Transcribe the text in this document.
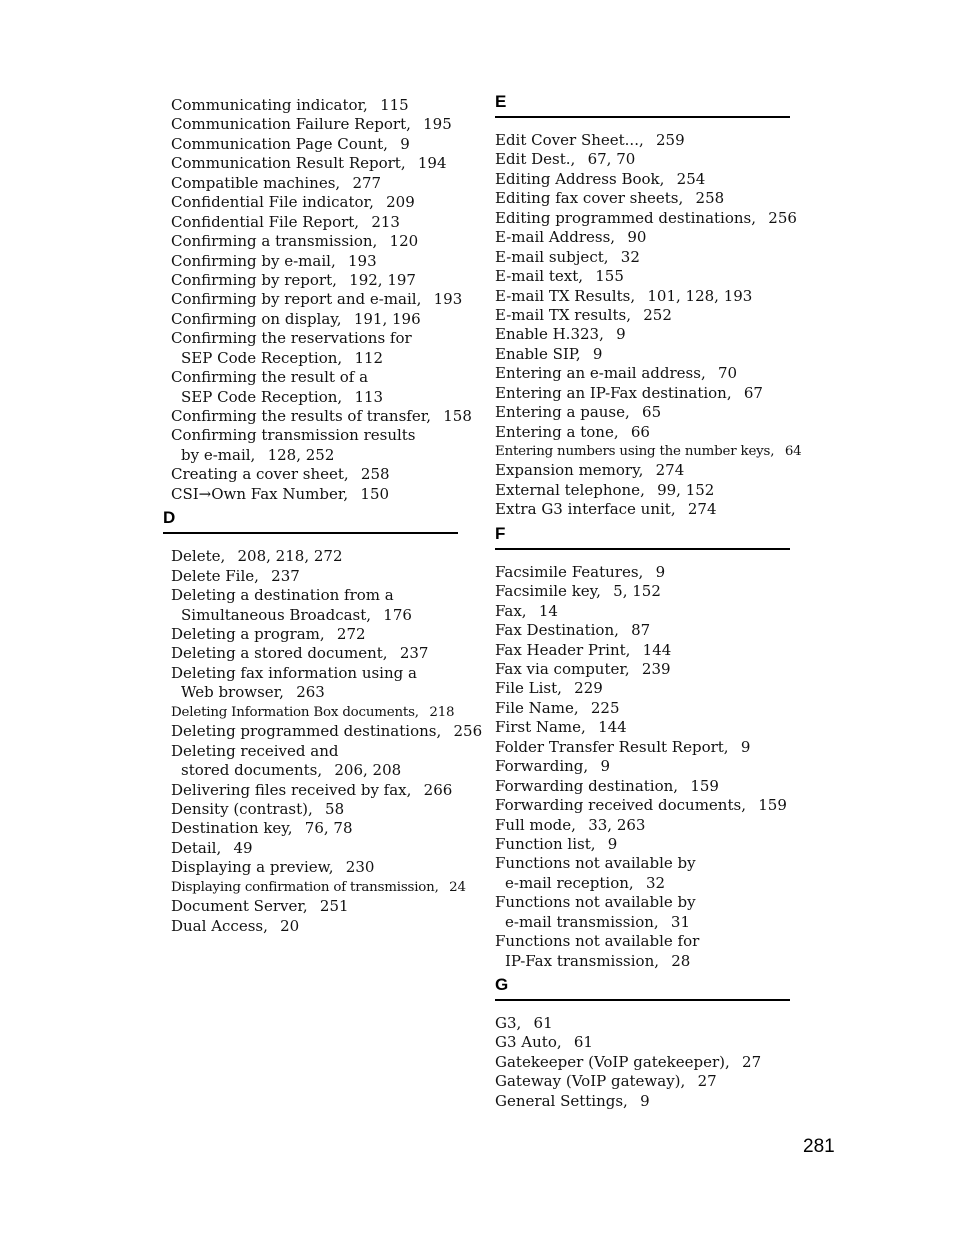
Communicating indicator,  115
Communication Failure Report,  195
Communication Page Count,  9
Communication Result Report,  194
Compatible machines,  277
Confidential File indicator,  209
Confidential File Report,  213
Confirming a transmission,  120
Confirming by e-mail,  193
Confirming by report,  192, 197
Confirming by report and e-mail,  193
Confirming on display,  191, 196
Confirming the reservations for
SEP Code Reception,  112
Confirming the result of a
SEP Code Reception,  113
Confirming the results of transfer,  158
Confirming transmission results
by e-mail,  128, 252
Creating a cover sheet,  258
CSI→Own Fax Number,  150
D
Delete,  208, 218, 272
Delete File,  237
Deleting a destination from a
Simultaneous Broadcast,  176
Deleting a program,  272
Deleting a stored document,  237
Deleting fax information using a
Web browser,  263
Deleting Information Box documents,  218
Deleting programmed destinations,  256
Deleting received and
stored documents,  206, 208
Delivering files received by fax,  266
Density (contrast),  58
Destination key,  76, 78
Detail,  49
Displaying a preview,  230
Displaying confirmation of transmission,  24
Document Server,  251
Dual Access,  20
E
Edit Cover Sheet...,  259
Edit Dest.,  67, 70
Editing Address Book,  254
Editing fax cover sheets,  258
Editing programmed destinations,  256
E-mail Address,  90
E-mail subject,  32
E-mail text,  155
E-mail TX Results,  101, 128, 193
E-mail TX results,  252
Enable H.323,  9
Enable SIP,  9
Entering an e-mail address,  70
Entering an IP-Fax destination,  67
Entering a pause,  65
Entering a tone,  66
Entering numbers using the number keys,  64
Expansion memory,  274
External telephone,  99, 152
Extra G3 interface unit,  274
F
Facsimile Features,  9
Facsimile key,  5, 152
Fax,  14
Fax Destination,  87
Fax Header Print,  144
Fax via computer,  239
File List,  229
File Name,  225
First Name,  144
Folder Transfer Result Report,  9
Forwarding,  9
Forwarding destination,  159
Forwarding received documents,  159
Full mode,  33, 263
Function list,  9
Functions not available by
e-mail reception,  32
Functions not available by
e-mail transmission,  31
Functions not available for
IP-Fax transmission,  28
G
G3,  61
G3 Auto,  61
Gatekeeper (VoIP gatekeeper),  27
Gateway (VoIP gateway),  27
General Settings,  9
281
